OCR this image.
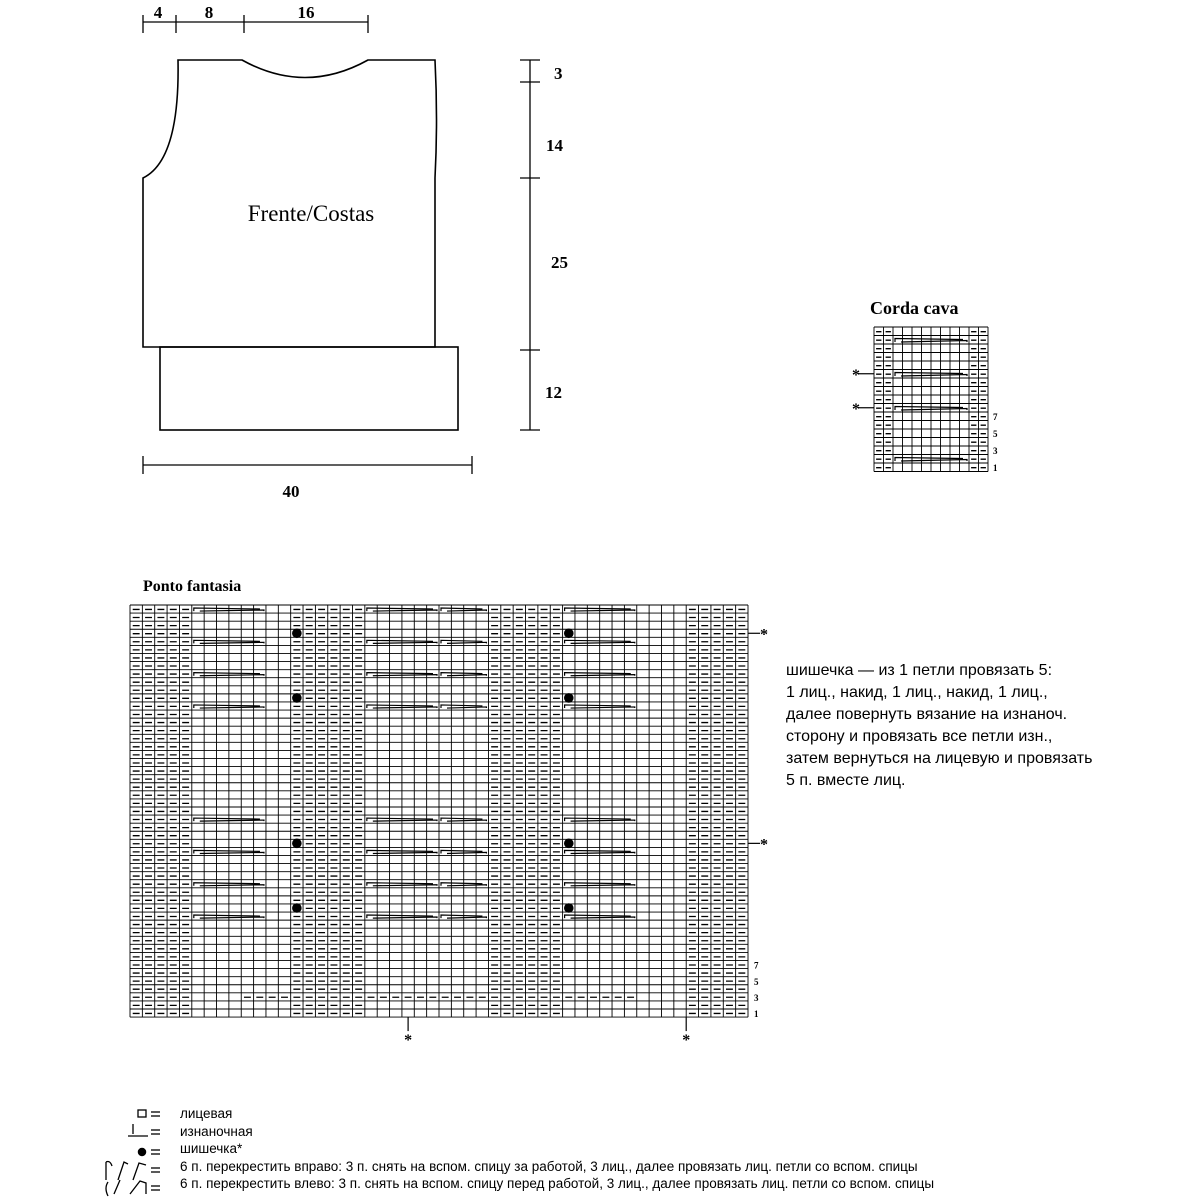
Frente/Costas
4	8	16
3
14
25
12
40
Corda cava
7
5
3
1
*
*
Ponto fantasia
7
5
3
1
*
*
*	*
шишечка — из 1 петли провязать 5:
1 лиц., накид, 1 лиц., накид, 1 лиц.,
далее повернуть вязание на изнаноч.
сторону и провязать все петли изн.,
затем вернуться на лицевую и провязать
5 п. вместе лиц.
лицевая
изнаночная
шишечка*
6 п. перекрестить вправо: 3 п. снять на вспом. спицу за работой, 3 лиц., далее провязать лиц. петли со вспом. спицы
6 п. перекрестить влево: 3 п. снять на вспом. спицу перед работой, 3 лиц., далее провязать лиц. петли со вспом. спицы
